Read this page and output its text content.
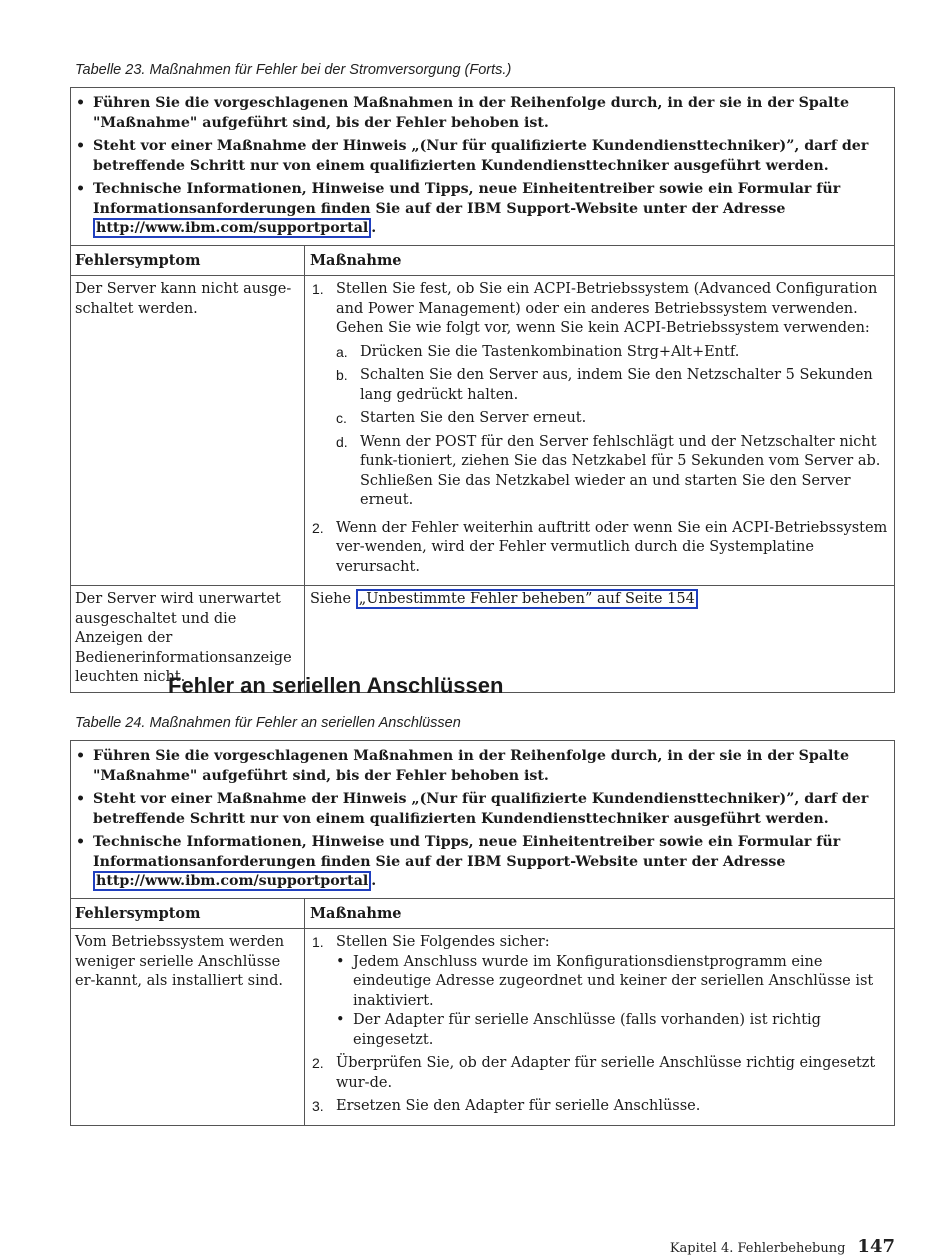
Tabelle 23. Maßnahmen für Fehler bei der Stromversorgung (Forts.)
• Führen Sie die vorgeschlagenen Maßnahmen in der Reihenfolge durch, in der sie in der Spalte "Maßnahme" aufgeführt sind, bis der Fehler behoben ist.
• Steht vor einer Maßnahme der Hinweis „(Nur für qualifizierte Kundendiensttechniker)”, darf der betreffende Schritt nur von einem qualifizierten Kundendiensttechniker ausgeführt werden.
• Technische Informationen, Hinweise und Tipps, neue Einheitentreiber sowie ein Formular für Informationsanforderungen finden Sie auf der IBM Support-Website unter der Adresse http://www.ibm.com/supportportal .
Fehlersymptom	Maßnahme
Der Server kann nicht ausge-schaltet werden.
1. Stellen Sie fest, ob Sie ein ACPI-Betriebssystem (Advanced Configuration and Power Management) oder ein anderes Betriebssystem verwenden. Gehen Sie wie folgt vor, wenn Sie kein ACPI-Betriebssystem verwenden:
a. Drücken Sie die Tastenkombination Strg+Alt+Entf.
b. Schalten Sie den Server aus, indem Sie den Netzschalter 5 Sekunden lang gedrückt halten.
c. Starten Sie den Server erneut.
d. Wenn der POST für den Server fehlschlägt und der Netzschalter nicht funk-tioniert, ziehen Sie das Netzkabel für 5 Sekunden vom Server ab. Schließen Sie das Netzkabel wieder an und starten Sie den Server erneut.
2. Wenn der Fehler weiterhin auftritt oder wenn Sie ein ACPI-Betriebssystem ver-wenden, wird der Fehler vermutlich durch die Systemplatine verursacht.
Der Server wird unerwartet ausgeschaltet und die Anzeigen der Bedienerinformationsanzeige leuchten nicht.
Siehe „Unbestimmte Fehler beheben” auf Seite 154
Fehler an seriellen Anschlüssen
Tabelle 24. Maßnahmen für Fehler an seriellen Anschlüssen
• Führen Sie die vorgeschlagenen Maßnahmen in der Reihenfolge durch, in der sie in der Spalte "Maßnahme" aufgeführt sind, bis der Fehler behoben ist.
• Steht vor einer Maßnahme der Hinweis „(Nur für qualifizierte Kundendiensttechniker)”, darf der betreffende Schritt nur von einem qualifizierten Kundendiensttechniker ausgeführt werden.
• Technische Informationen, Hinweise und Tipps, neue Einheitentreiber sowie ein Formular für Informationsanforderungen finden Sie auf der IBM Support-Website unter der Adresse http://www.ibm.com/supportportal .
Fehlersymptom	Maßnahme
Vom Betriebssystem werden weniger serielle Anschlüsse er-kannt, als installiert sind.
1. Stellen Sie Folgendes sicher:
• Jedem Anschluss wurde im Konfigurationsdienstprogramm eine eindeutige Adresse zugeordnet und keiner der seriellen Anschlüsse ist inaktiviert.
• Der Adapter für serielle Anschlüsse (falls vorhanden) ist richtig eingesetzt.
2. Überprüfen Sie, ob der Adapter für serielle Anschlüsse richtig eingesetzt wur-de.
3. Ersetzen Sie den Adapter für serielle Anschlüsse.
Kapitel 4. Fehlerbehebung 147
